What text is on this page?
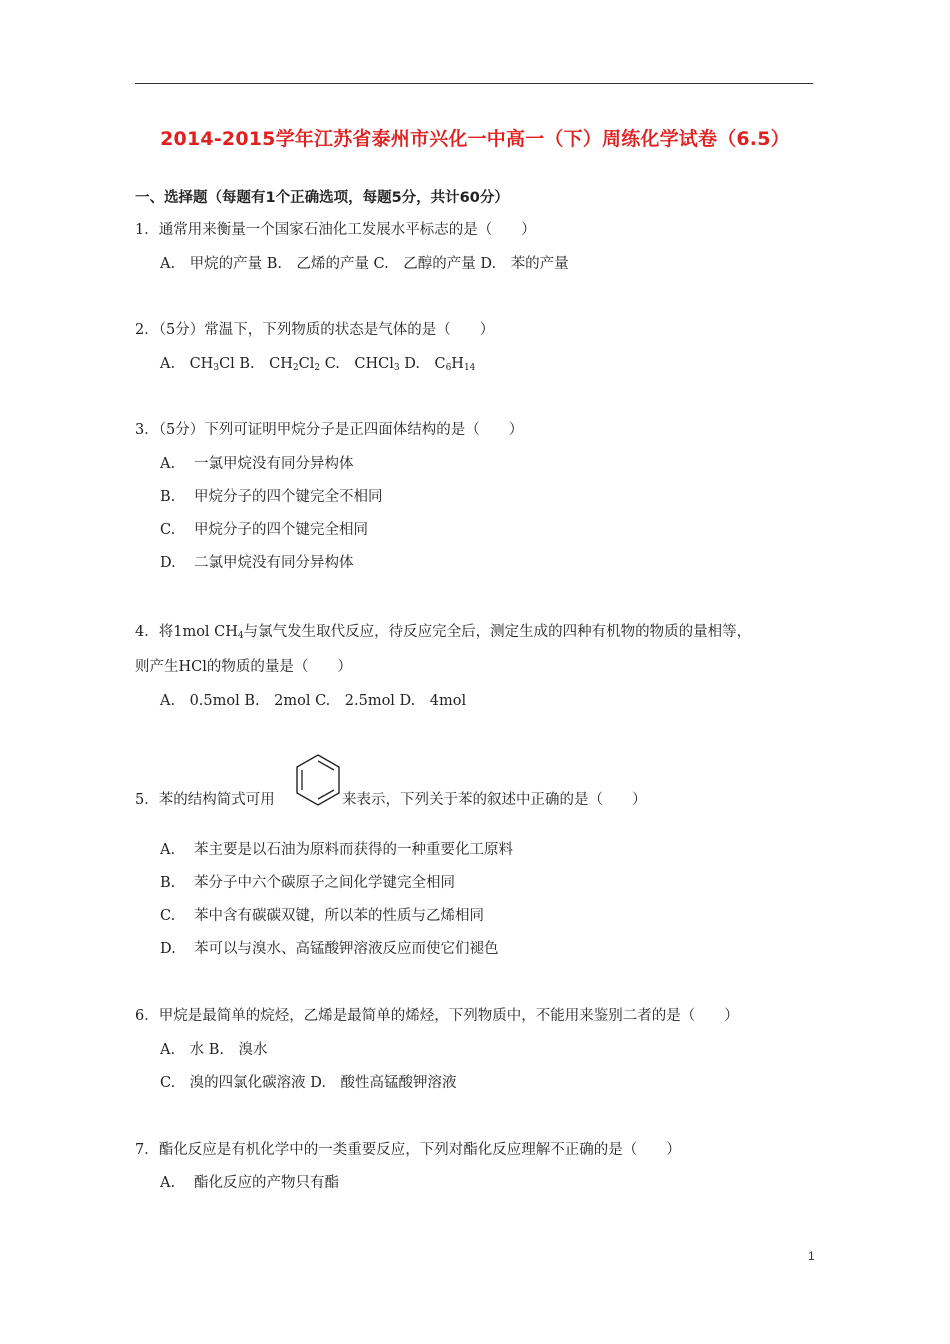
2014-2015学年江苏省泰州市兴化一中高一（下）周练化学试卷（6.5）
一、选择题（每题有1个正确选项，每题5分，共计60分）
1．通常用来衡量一个国家石油化工发展水平标志的是（　　）
A.　甲烷的产量 B.　乙烯的产量 C.　乙醇的产量 D.　苯的产量
2．（5分）常温下，下列物质的状态是气体的是（　　）
A.　$CH_3Cl$ B.　$CH_2Cl_2$ C.　CHCl$_3$ D.　$C_6H_{14}$
3．（5分）下列可证明甲烷分子是正四面体结构的是（　　）
A. 一氯甲烷没有同分异构体
B. 甲烷分子的四个键完全不相同
C. 甲烷分子的四个键完全相同
D. 二氯甲烷没有同分异构体
4．将1mol $CH_4$与氯气发生取代反应，待反应完全后，测定生成的四种有机物的物质的量相等，
则产生HCl的物质的量是（　　）
A.　0.5mol B.　2mol C.　2.5mol D.　4mol
5．苯的结构简式可用	来表示，下列关于苯的叙述中正确的是（　　）
A. 苯主要是以石油为原料而获得的一种重要化工原料
B. 苯分子中六个碳原子之间化学键完全相同
C. 苯中含有碳碳双键，所以苯的性质与乙烯相同
D. 苯可以与溴水、高锰酸钾溶液反应而使它们褪色
6．甲烷是最简单的烷烃，乙烯是最简单的烯烃，下列物质中，不能用来鉴别二者的是（　　）
A.　水 B.　溴水
C.　溴的四氯化碳溶液 D.　酸性高锰酸钾溶液
7．酯化反应是有机化学中的一类重要反应，下列对酯化反应理解不正确的是（　　）
A. 酯化反应的产物只有酯
1
